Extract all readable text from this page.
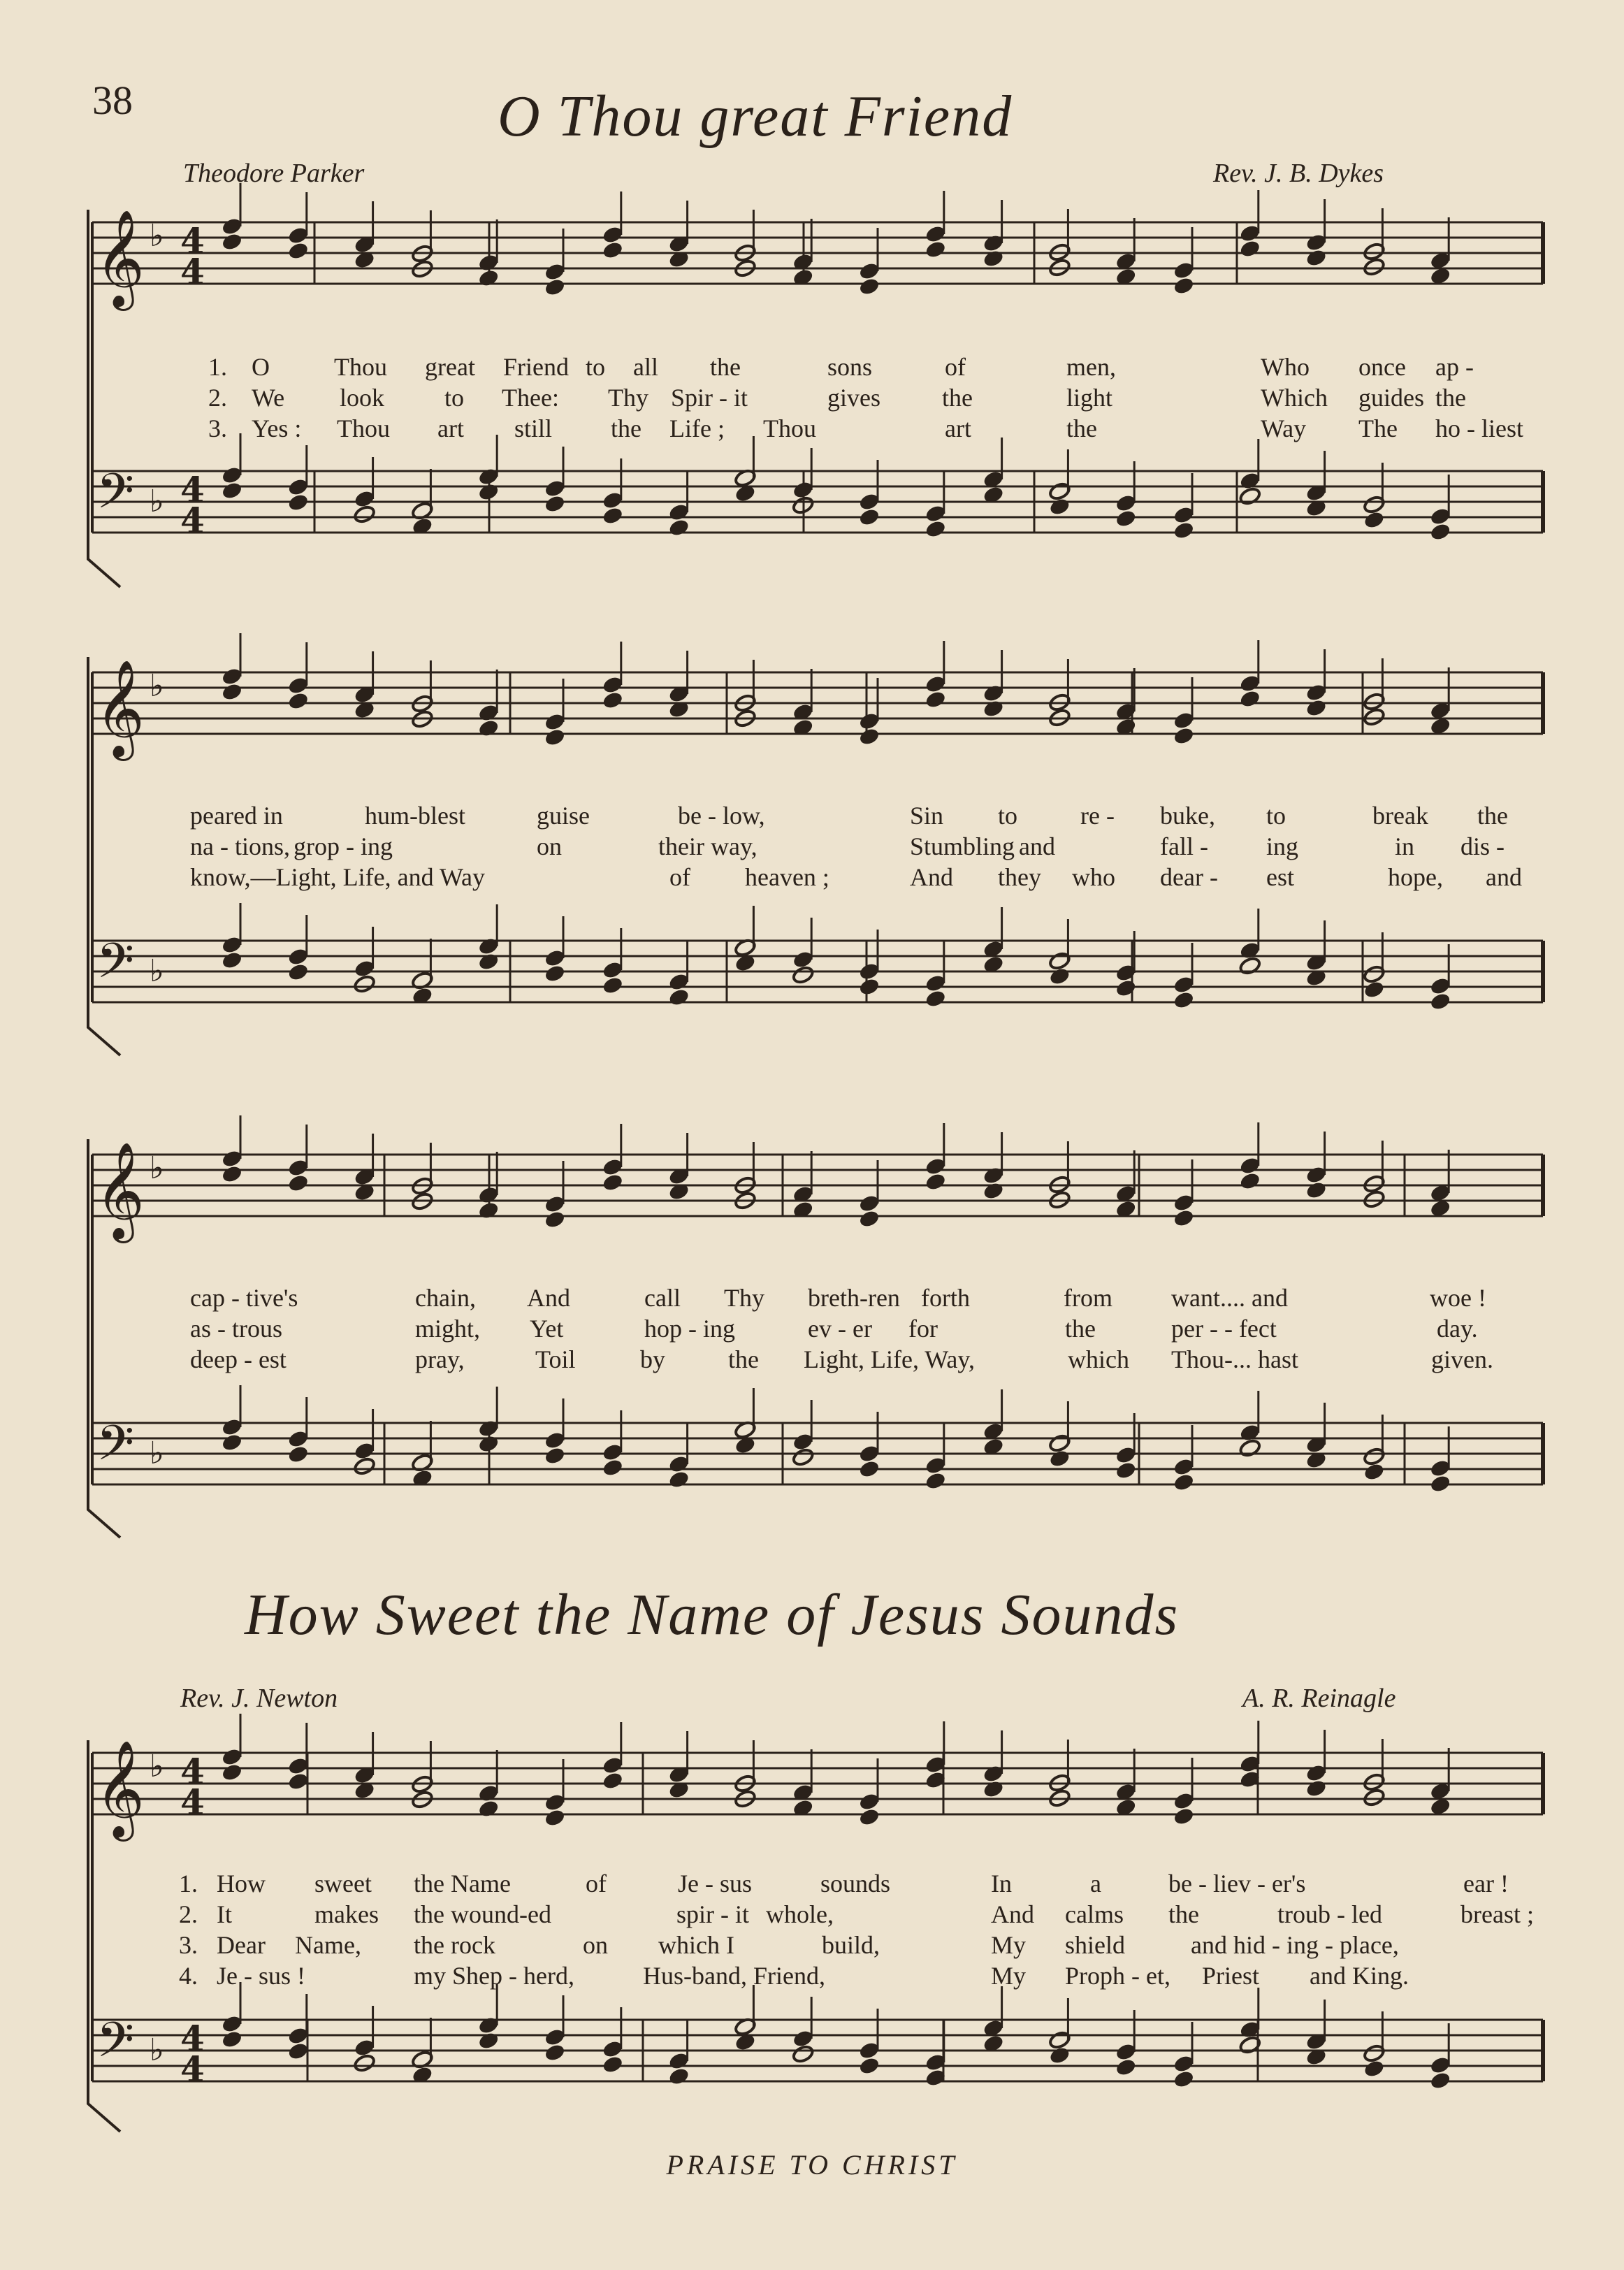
38	O Thou great Friend
Theodore Parker	Rev. J. B. Dykes
𝄞
𝄢
♭
♭
4
4
4
4
𝄞
𝄢
♭
♭
𝄞
𝄢
♭
♭
𝄞
𝄢
♭
♭
4
4
4
4
1. O	Thou great Friend to all the	sons	of	men,	Who once ap -
2. We look to Thee: Thy Spir - it	gives the	light	Which guides the
3. Yes : Thou art still the Life ; Thou	art	the	Way The ho - liest
peared in	hum-blest	guise	be - low,	Sin to re - buke, to	break the
na - tions, grop - ing	on	their way,	Stumbling and	fall - ing	in dis -
know,—Light, Life, and Way	of heaven ;	And they who dear - est	hope, and
cap - tive's	chain, And	call Thy breth-ren forth	from want.... and	woe !
as - trous	might, Yet	hop - ing	ev - er for	the	per - - fect	day.
deep - est	pray,	Toil	by	the Light, Life, Way,	which Thou-... hast	given.
How Sweet the Name of Jesus Sounds
Rev. J. Newton	A. R. Reinagle
1. How sweet the Name	of	Je - sus	sounds	In	a	be - liev - er's	ear !
2. It	makes the wound-ed	spir - it whole,	And calms the	troub - led	breast ;
3. Dear Name, the rock	on which I	build,	My shield	and hid - ing - place,
4. Je - sus !	my Shep - herd,	Hus-band, Friend,	My Proph - et, Priest and King.
PRAISE TO CHRIST
